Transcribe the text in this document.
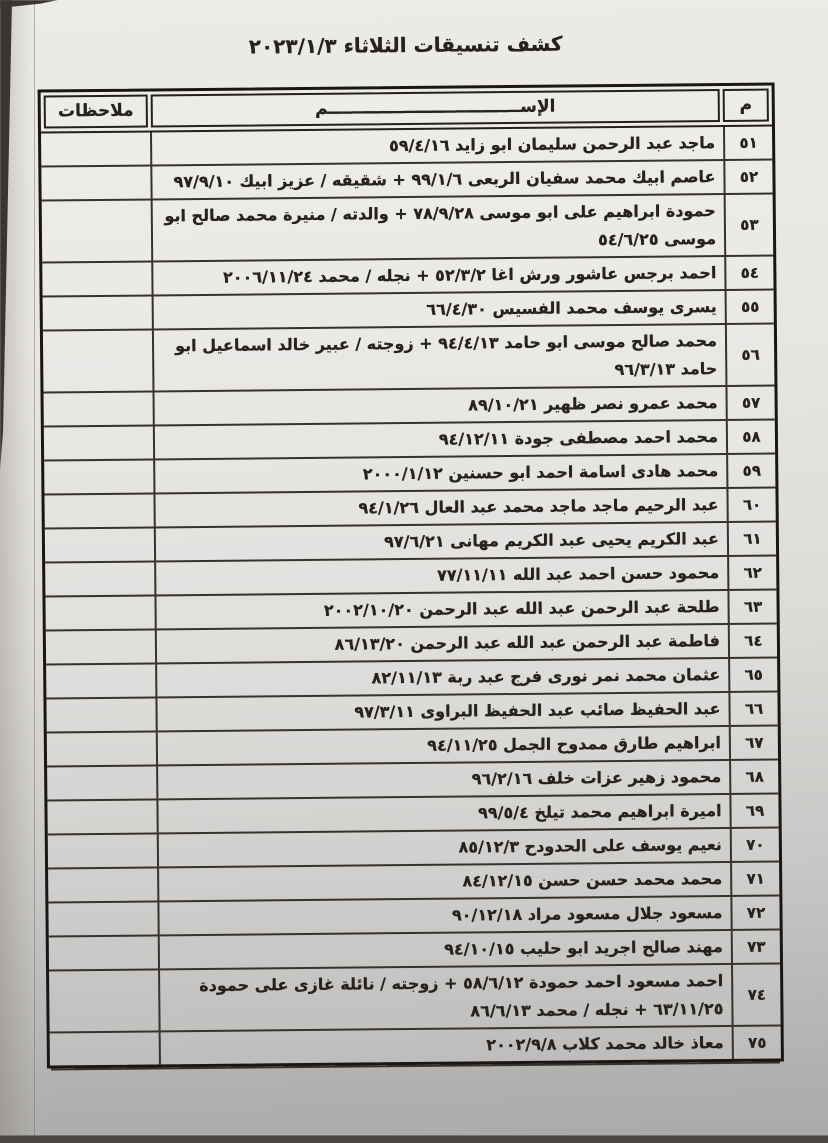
كشف تنسيقات الثلاثاء ٢٠٢٣/١/٣
م
الإســـــــــــــــــــــــــــــــــم
ملاحظات
٥١
ماجد عبد الرحمن سليمان ابو زايد ٥٩/٤/١٦
٥٢
عاصم ابيك محمد سفيان الربعى ٩٩/١/٦ + شقيقه / عزيز ابيك ٩٧/٩/١٠
٥٣
حمودة ابراهيم على ابو موسى ٧٨/٩/٢٨ + والدته / منيرة محمد صالح ابو موسى ٥٤/٦/٢٥
٥٤
احمد برجس عاشور ورش اغا ٥٢/٣/٢ + نجله / محمد ٢٠٠٦/١١/٢٤
٥٥
يسرى يوسف محمد الفسيس ٦٦/٤/٣٠
٥٦
محمد صالح موسى ابو حامد ٩٤/٤/١٣ + زوجته / عبير خالد اسماعيل ابو حامد ٩٦/٣/١٣
٥٧
محمد عمرو نصر ظهير ٨٩/١٠/٢١
٥٨
محمد احمد مصطفى جودة ٩٤/١٢/١١
٥٩
محمد هادى اسامة احمد ابو حسنين ٢٠٠٠/١/١٢
٦٠
عبد الرحيم ماجد ماجد محمد عبد العال ٩٤/١/٢٦
٦١
عبد الكريم يحيى عبد الكريم مهانى ٩٧/٦/٢١
٦٢
محمود حسن احمد عبد الله ٧٧/١١/١١
٦٣
طلحة عبد الرحمن عبد الله عبد الرحمن ٢٠٠٢/١٠/٢٠
٦٤
فاطمة عبد الرحمن عبد الله عبد الرحمن ٨٦/١٣/٢٠
٦٥
عثمان محمد نمر نورى فرج عبد ربة ٨٢/١١/١٣
٦٦
عبد الحفيظ صائب عبد الحفيظ البراوى ٩٧/٣/١١
٦٧
ابراهيم طارق ممدوح الجمل ٩٤/١١/٢٥
٦٨
محمود زهير عزات خلف ٩٦/٢/١٦
٦٩
اميرة ابراهيم محمد تيلخ ٩٩/٥/٤
٧٠
نعيم يوسف على الحدودح ٨٥/١٢/٣
٧١
محمد محمد حسن حسن ٨٤/١٢/١٥
٧٢
مسعود جلال مسعود مراد ٩٠/١٢/١٨
٧٣
مهند صالح اجريد ابو حليب ٩٤/١٠/١٥
٧٤
احمد مسعود احمد حمودة ٥٨/٦/١٢ + زوجته / نائلة غازى على حمودة ٦٣/١١/٢٥ + نجله / محمد ٨٦/٦/١٣
٧٥
معاذ خالد محمد كلاب ٢٠٠٢/٩/٨
